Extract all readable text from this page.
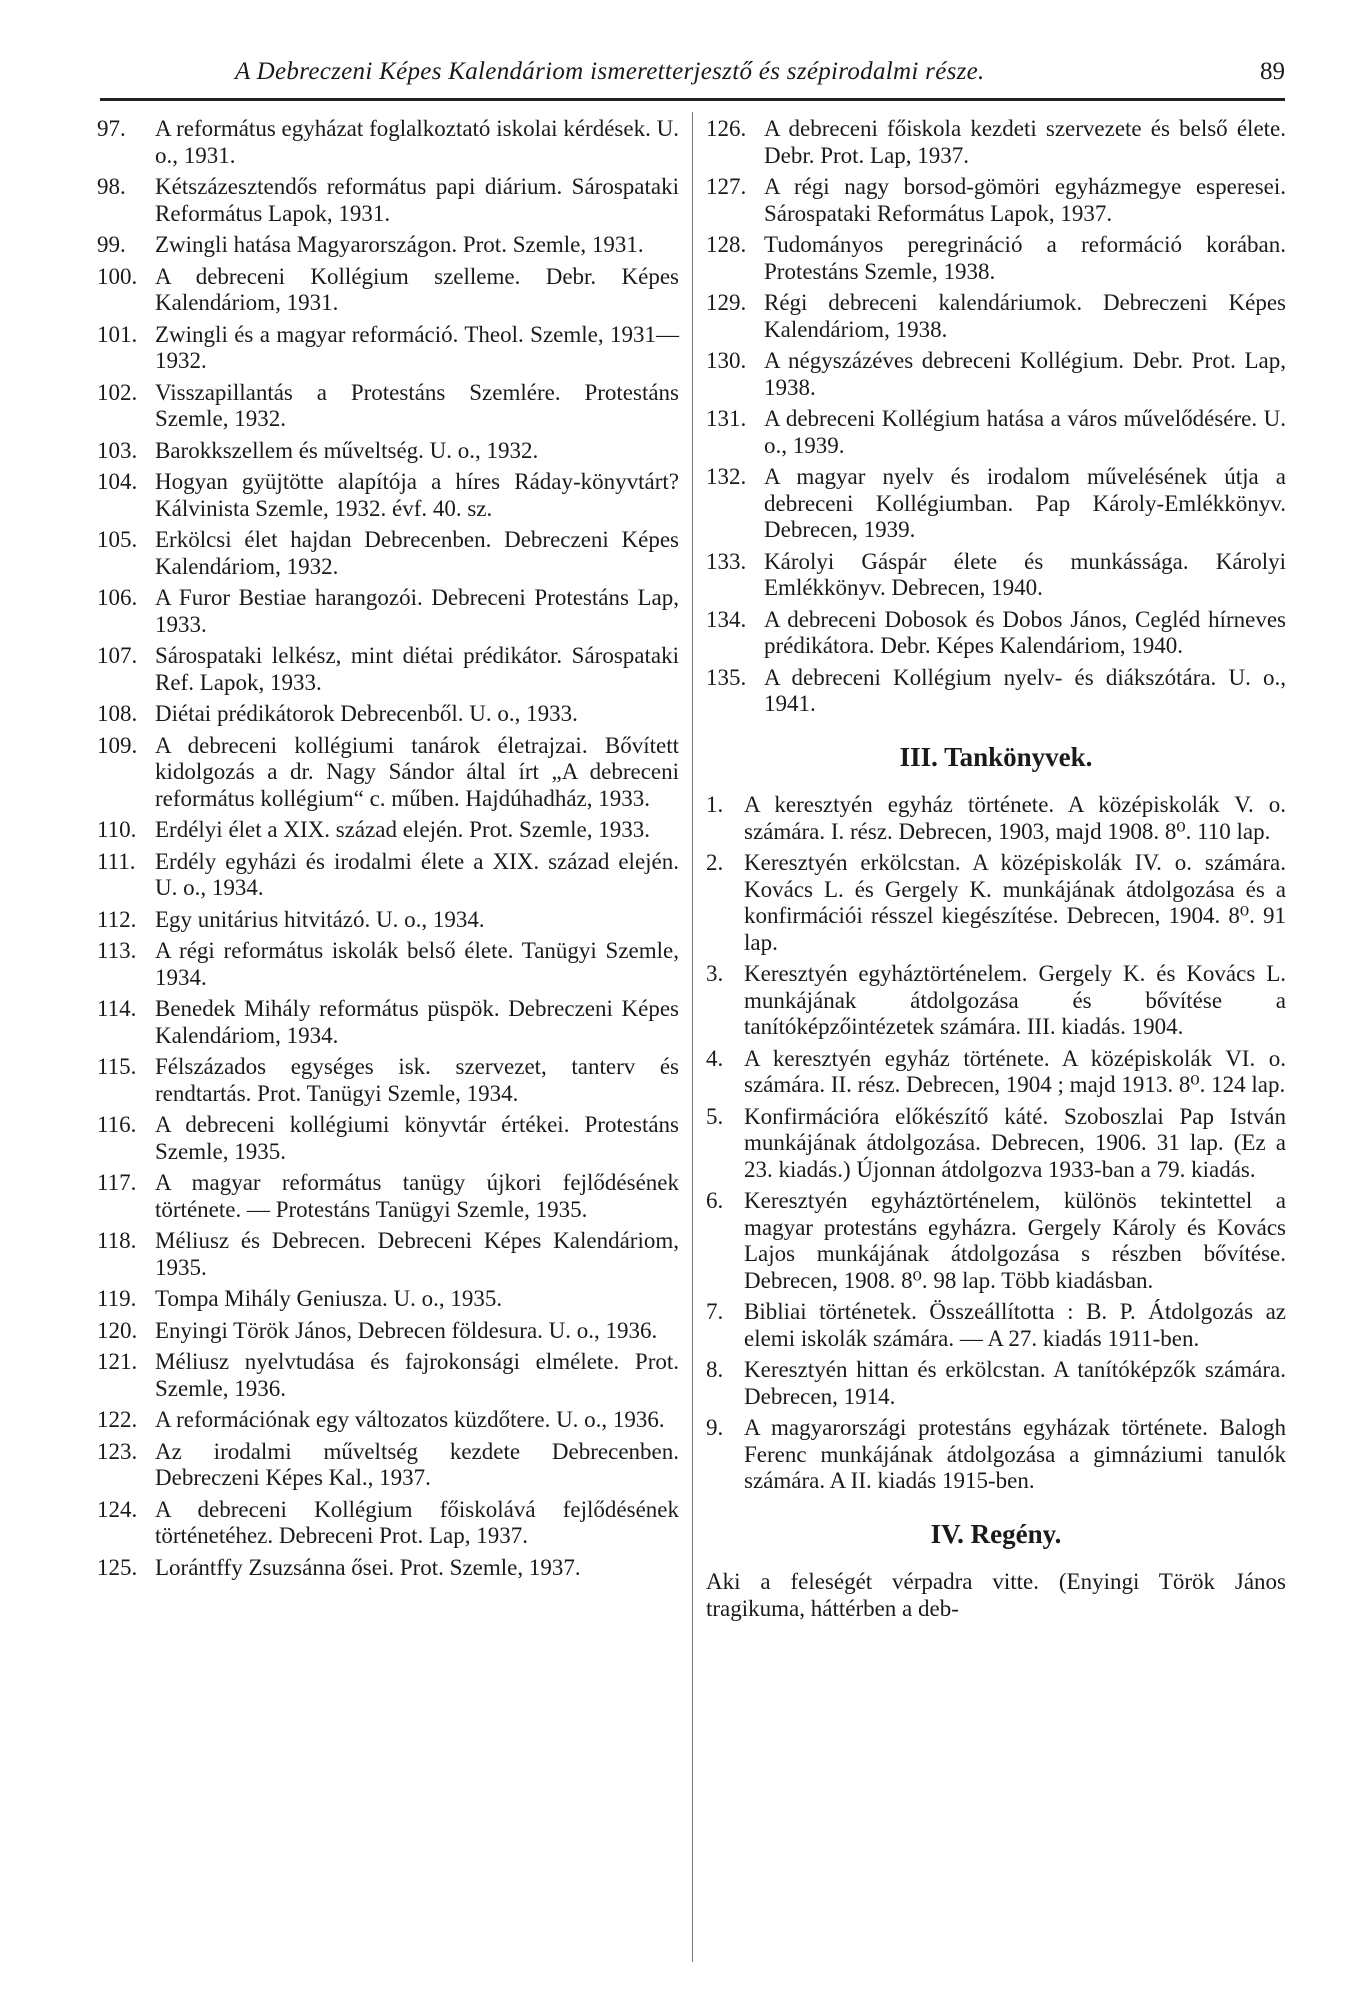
A Debreczeni Képes Kalendáriom ismeretterjesztő és szépirodalmi része.	89
97.	A református egyházat foglalkoztató iskolai kérdések. U. o., 1931.
98.	Kétszázesztendős református papi diárium. Sárospataki Református Lapok, 1931.
99.	Zwingli hatása Magyarországon. Prot. Szemle, 1931.
100. A debreceni Kollégium szelleme. Debr. Képes Kalendáriom, 1931.
101. Zwingli és a magyar reformáció. Theol. Szemle, 1931—1932.
102. Visszapillantás a Protestáns Szemlére. Protestáns Szemle, 1932.
103. Barokkszellem és műveltség. U. o., 1932.
104. Hogyan gyüjtötte alapítója a híres Ráday-könyvtárt? Kálvinista Szemle, 1932. évf. 40. sz.
105. Erkölcsi élet hajdan Debrecenben. Debreczeni Képes Kalendáriom, 1932.
106. A Furor Bestiae harangozói. Debreceni Protestáns Lap, 1933.
107. Sárospataki lelkész, mint diétai prédikátor. Sárospataki Ref. Lapok, 1933.
108. Diétai prédikátorok Debrecenből. U. o., 1933.
109. A debreceni kollégiumi tanárok életrajzai. Bővített kidolgozás a dr. Nagy Sándor által írt „A debreceni református kollégium“ c. műben. Hajdúhadház, 1933.
110. Erdélyi élet a XIX. század elején. Prot. Szemle, 1933.
111. Erdély egyházi és irodalmi élete a XIX. század elején. U. o., 1934.
112. Egy unitárius hitvitázó. U. o., 1934.
113. A régi református iskolák belső élete. Tanügyi Szemle, 1934.
114. Benedek Mihály református püspök. Debreczeni Képes Kalendáriom, 1934.
115. Félszázados egységes isk. szervezet, tanterv és rendtartás. Prot. Tanügyi Szemle, 1934.
116. A debreceni kollégiumi könyvtár értékei. Protestáns Szemle, 1935.
117. A magyar református tanügy újkori fejlődésének története. — Protestáns Tanügyi Szemle, 1935.
118. Méliusz és Debrecen. Debreceni Képes Kalendáriom, 1935.
119. Tompa Mihály Geniusza. U. o., 1935.
120. Enyingi Török János, Debrecen földesura. U. o., 1936.
121. Méliusz nyelvtudása és fajrokonsági elmélete. Prot. Szemle, 1936.
122. A reformációnak egy változatos küzdőtere. U. o., 1936.
123. Az irodalmi műveltség kezdete Debrecenben. Debreczeni Képes Kal., 1937.
124. A debreceni Kollégium főiskolává fejlődésének történetéhez. Debreceni Prot. Lap, 1937.
125. Lorántffy Zsuzsánna ősei. Prot. Szemle, 1937.
126. A debreceni főiskola kezdeti szervezete és belső élete. Debr. Prot. Lap, 1937.
127. A régi nagy borsod-gömöri egyházmegye esperesei. Sárospataki Református Lapok, 1937.
128. Tudományos peregrináció a reformáció korában. Protestáns Szemle, 1938.
129. Régi debreceni kalendáriumok. Debreczeni Képes Kalendáriom, 1938.
130. A négyszázéves debreceni Kollégium. Debr. Prot. Lap, 1938.
131. A debreceni Kollégium hatása a város művelődésére. U. o., 1939.
132. A magyar nyelv és irodalom művelésének útja a debreceni Kollégiumban. Pap Károly-Emlékkönyv. Debrecen, 1939.
133. Károlyi Gáspár élete és munkássága. Károlyi Emlékkönyv. Debrecen, 1940.
134. A debreceni Dobosok és Dobos János, Cegléd hírneves prédikátora. Debr. Képes Kalendáriom, 1940.
135. A debreceni Kollégium nyelv- és diákszótára. U. o., 1941.
III. Tankönyvek.
1. A keresztyén egyház története. A középiskolák V. o. számára. I. rész. Debrecen, 1903, majd 1908. 8⁰. 110 lap.
2. Keresztyén erkölcstan. A középiskolák IV. o. számára. Kovács L. és Gergely K. munkájának átdolgozása és a konfirmációi résszel kiegészítése. Debrecen, 1904. 8⁰. 91 lap.
3. Keresztyén egyháztörténelem. Gergely K. és Kovács L. munkájának átdolgozása és bővítése a tanítóképzőintézetek számára. III. kiadás. 1904.
4. A keresztyén egyház története. A középiskolák VI. o. számára. II. rész. Debrecen, 1904 ; majd 1913. 8⁰. 124 lap.
5. Konfirmációra előkészítő káté. Szoboszlai Pap István munkájának átdolgozása. Debrecen, 1906. 31 lap. (Ez a 23. kiadás.) Újonnan átdolgozva 1933-ban a 79. kiadás.
6. Keresztyén egyháztörténelem, különös tekintettel a magyar protestáns egyházra. Gergely Károly és Kovács Lajos munkájának átdolgozása s részben bővítése. Debrecen, 1908. 8⁰. 98 lap. Több kiadásban.
7. Bibliai történetek. Összeállította : B. P. Átdolgozás az elemi iskolák számára. — A 27. kiadás 1911-ben.
8. Keresztyén hittan és erkölcstan. A tanítóképzők számára. Debrecen, 1914.
9. A magyarországi protestáns egyházak története. Balogh Ferenc munkájának átdolgozása a gimnáziumi tanulók számára. A II. kiadás 1915-ben.
IV. Regény.
Aki a feleségét vérpadra vitte. (Enyingi Török János tragikuma, háttérben a deb-
